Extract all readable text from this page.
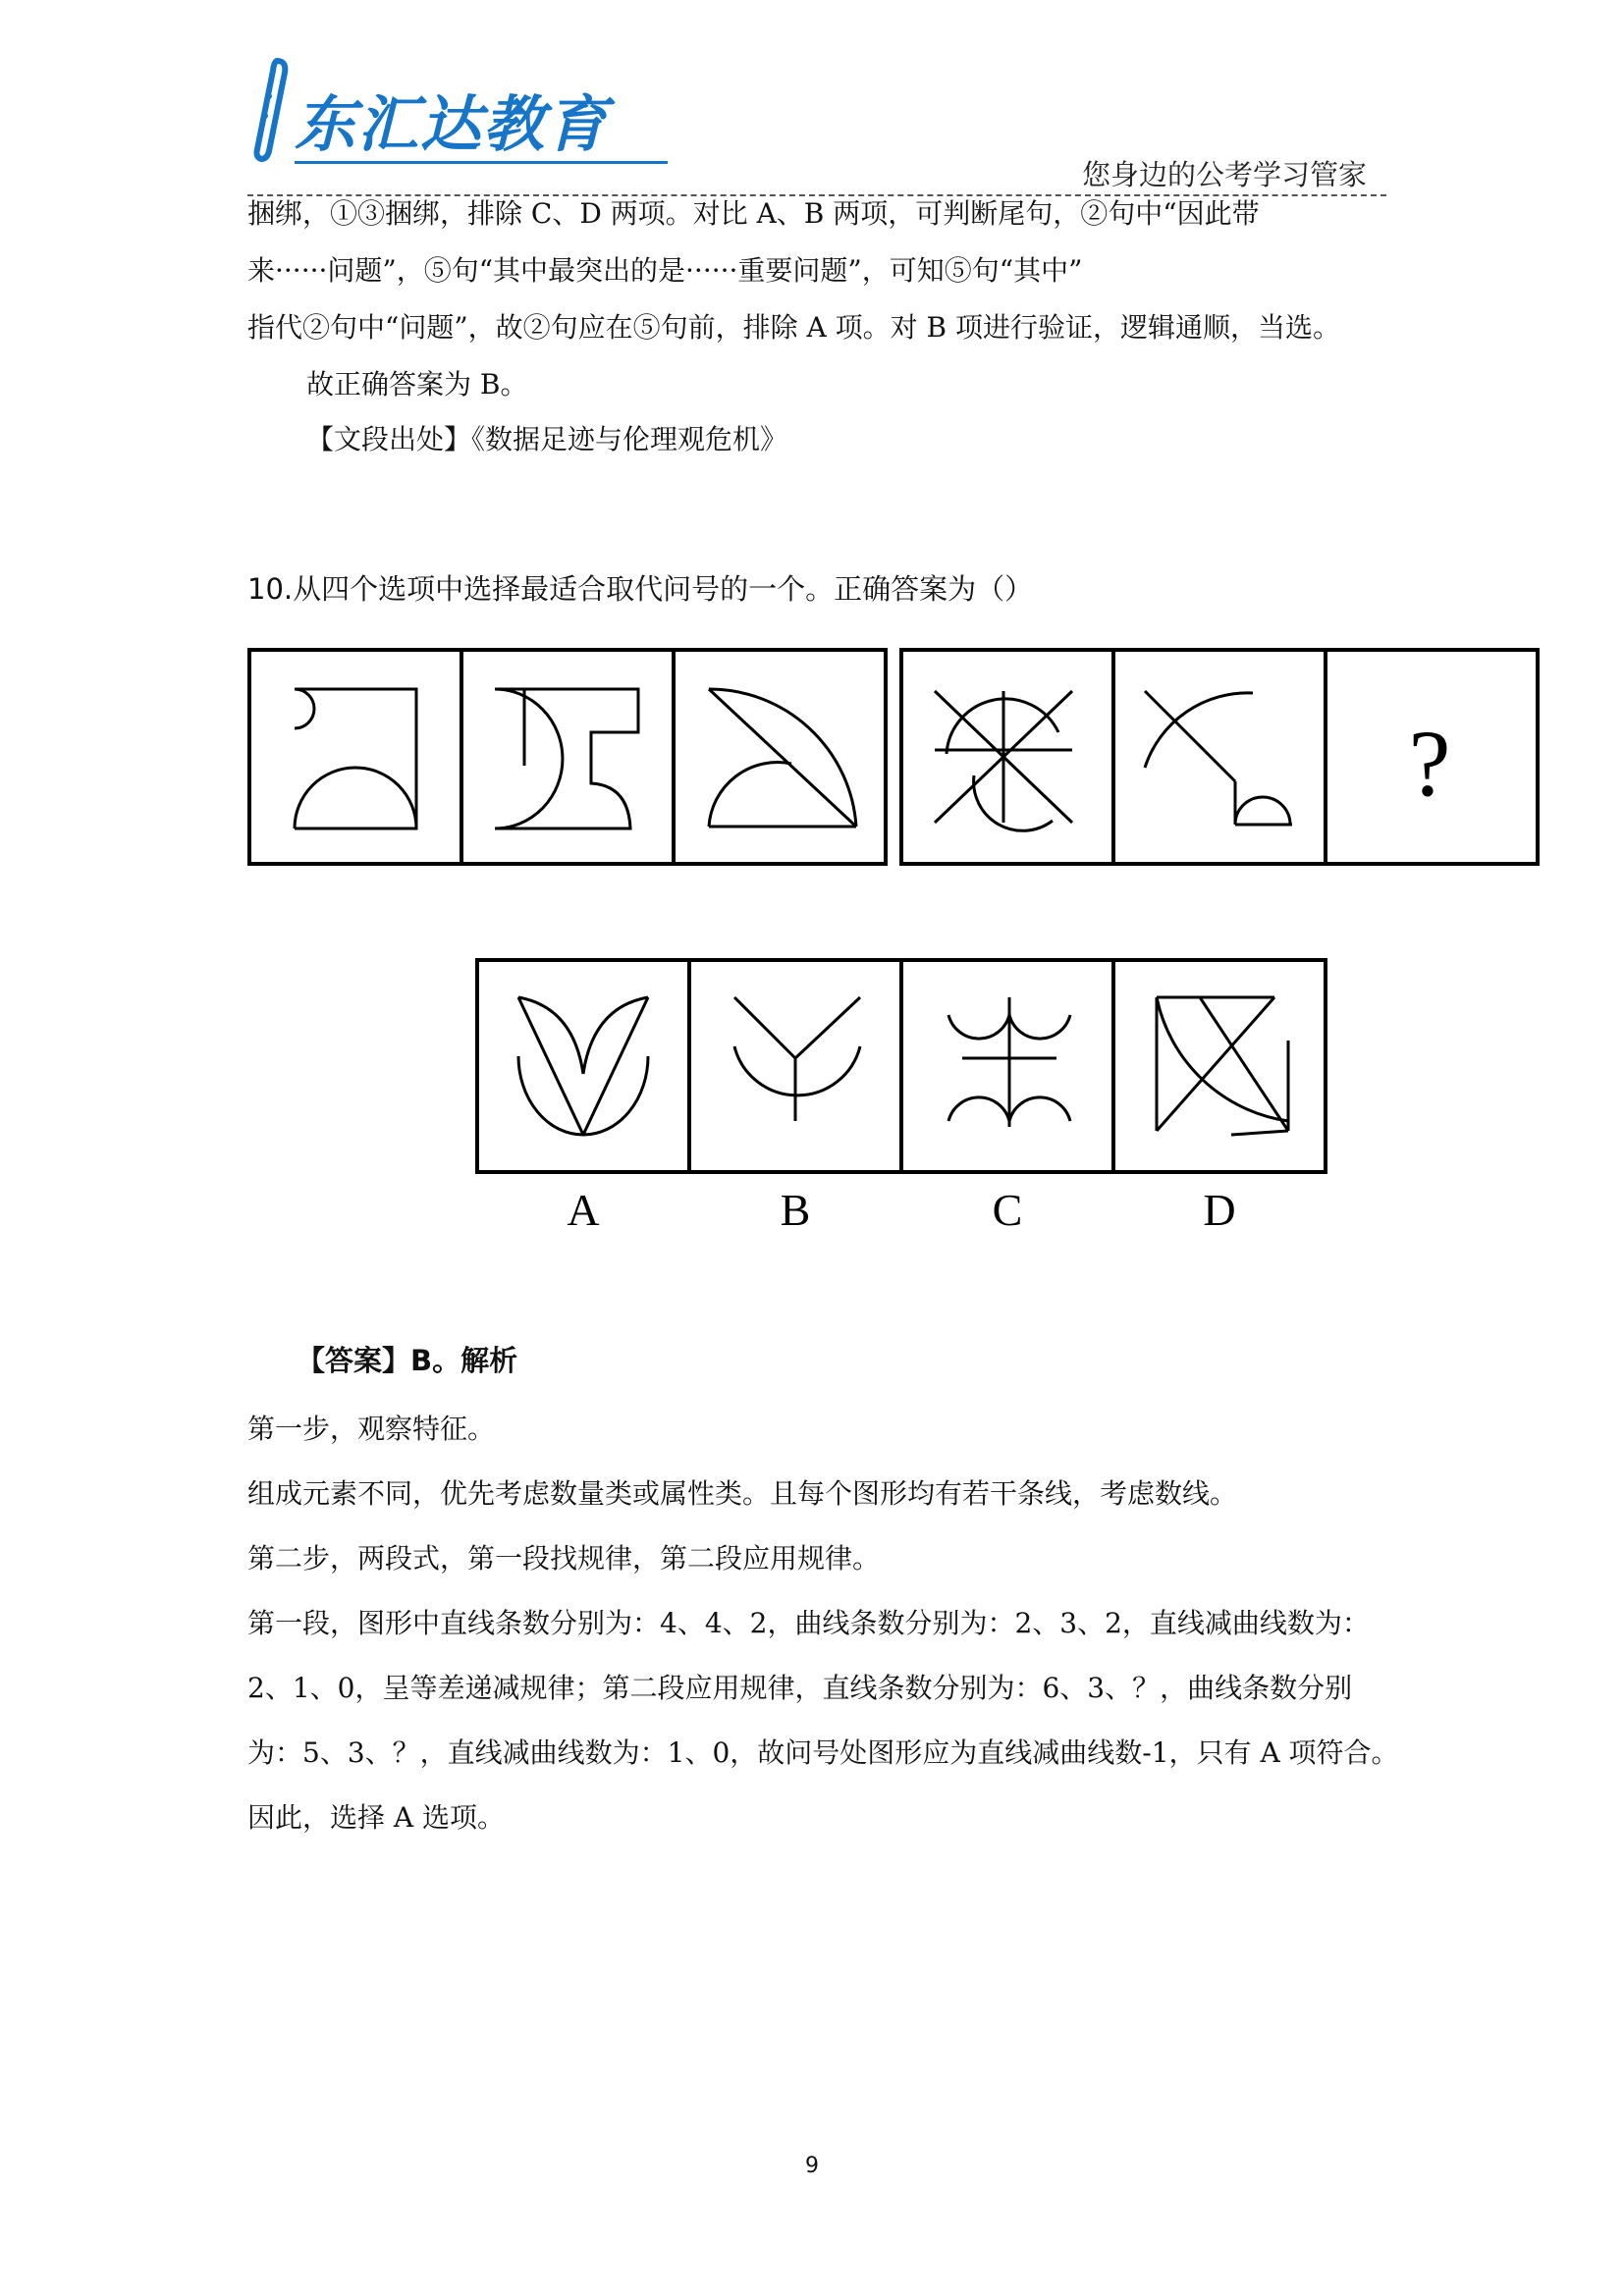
东汇达教育
您身边的公考学习管家
捆绑，①③捆绑，排除 C、D 两项。对比 A、B 两项，可判断尾句，②句中“因此带
来······问题”，⑤句“其中最突出的是······重要问题”，可知⑤句“其中”
指代②句中“问题”，故②句应在⑤句前，排除 A 项。对 B 项进行验证，逻辑通顺，当选。
故正确答案为 B。
【文段出处】《数据足迹与伦理观危机》
10.从四个选项中选择最适合取代问号的一个。正确答案为（）
?
A	B	C	D
【答案】B。解析
第一步，观察特征。
组成元素不同，优先考虑数量类或属性类。且每个图形均有若干条线，考虑数线。
第二步，两段式，第一段找规律，第二段应用规律。
第一段，图形中直线条数分别为：4、4、2，曲线条数分别为：2、3、2，直线减曲线数为：
2、1、0，呈等差递减规律；第二段应用规律，直线条数分别为：6、3、？，曲线条数分别
为：5、3、？，直线减曲线数为：1、0，故问号处图形应为直线减曲线数-1，只有 A 项符合。
因此，选择 A 选项。
9
